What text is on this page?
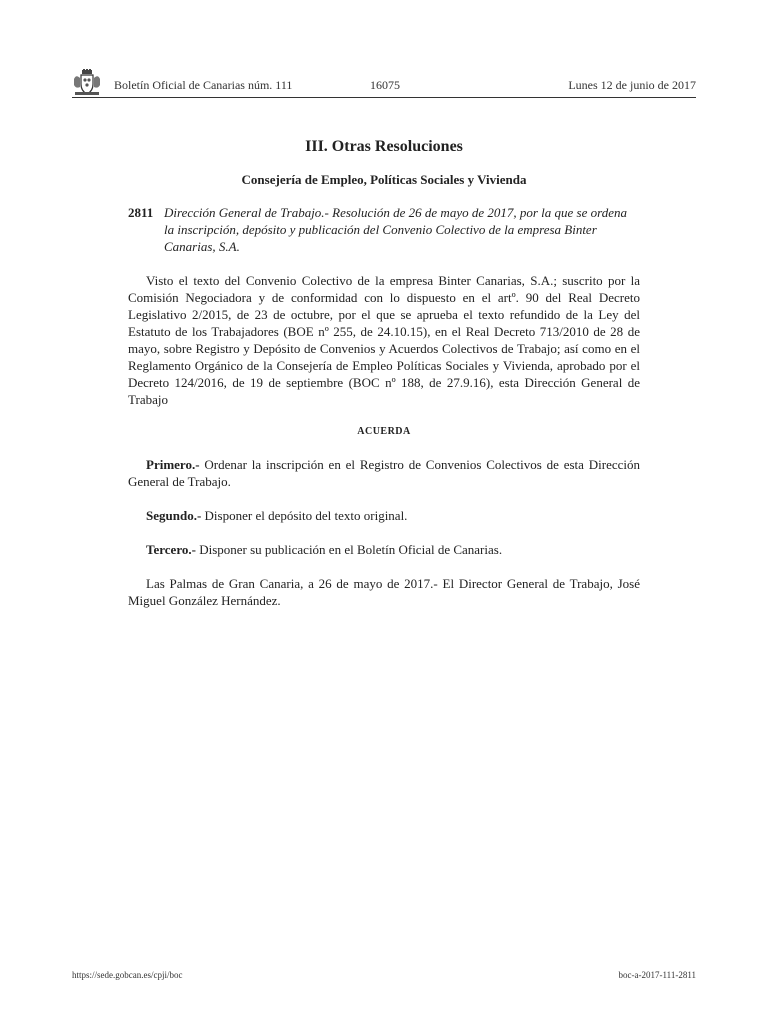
Boletín Oficial de Canarias núm. 111	16075	Lunes 12 de junio de 2017
III. Otras Resoluciones
Consejería de Empleo, Políticas Sociales y Vivienda
2811 Dirección General de Trabajo.- Resolución de 26 de mayo de 2017, por la que se ordena la inscripción, depósito y publicación del Convenio Colectivo de la empresa Binter Canarias, S.A.

Visto el texto del Convenio Colectivo de la empresa Binter Canarias, S.A.; suscrito por la Comisión Negociadora y de conformidad con lo dispuesto en el artº. 90 del Real Decreto Legislativo 2/2015, de 23 de octubre, por el que se aprueba el texto refundido de la Ley del Estatuto de los Trabajadores (BOE nº 255, de 24.10.15), en el Real Decreto 713/2010 de 28 de mayo, sobre Registro y Depósito de Convenios y Acuerdos Colectivos de Trabajo; así como en el Reglamento Orgánico de la Consejería de Empleo Políticas Sociales y Vivienda, aprobado por el Decreto 124/2016, de 19 de septiembre (BOC nº 188, de 27.9.16), esta Dirección General de Trabajo

ACUERDA

Primero.- Ordenar la inscripción en el Registro de Convenios Colectivos de esta Dirección General de Trabajo.

Segundo.- Disponer el depósito del texto original.

Tercero.- Disponer su publicación en el Boletín Oficial de Canarias.

Las Palmas de Gran Canaria, a 26 de mayo de 2017.- El Director General de Trabajo, José Miguel González Hernández.

https://sede.gobcan.es/cpji/boc	boc-a-2017-111-2811
